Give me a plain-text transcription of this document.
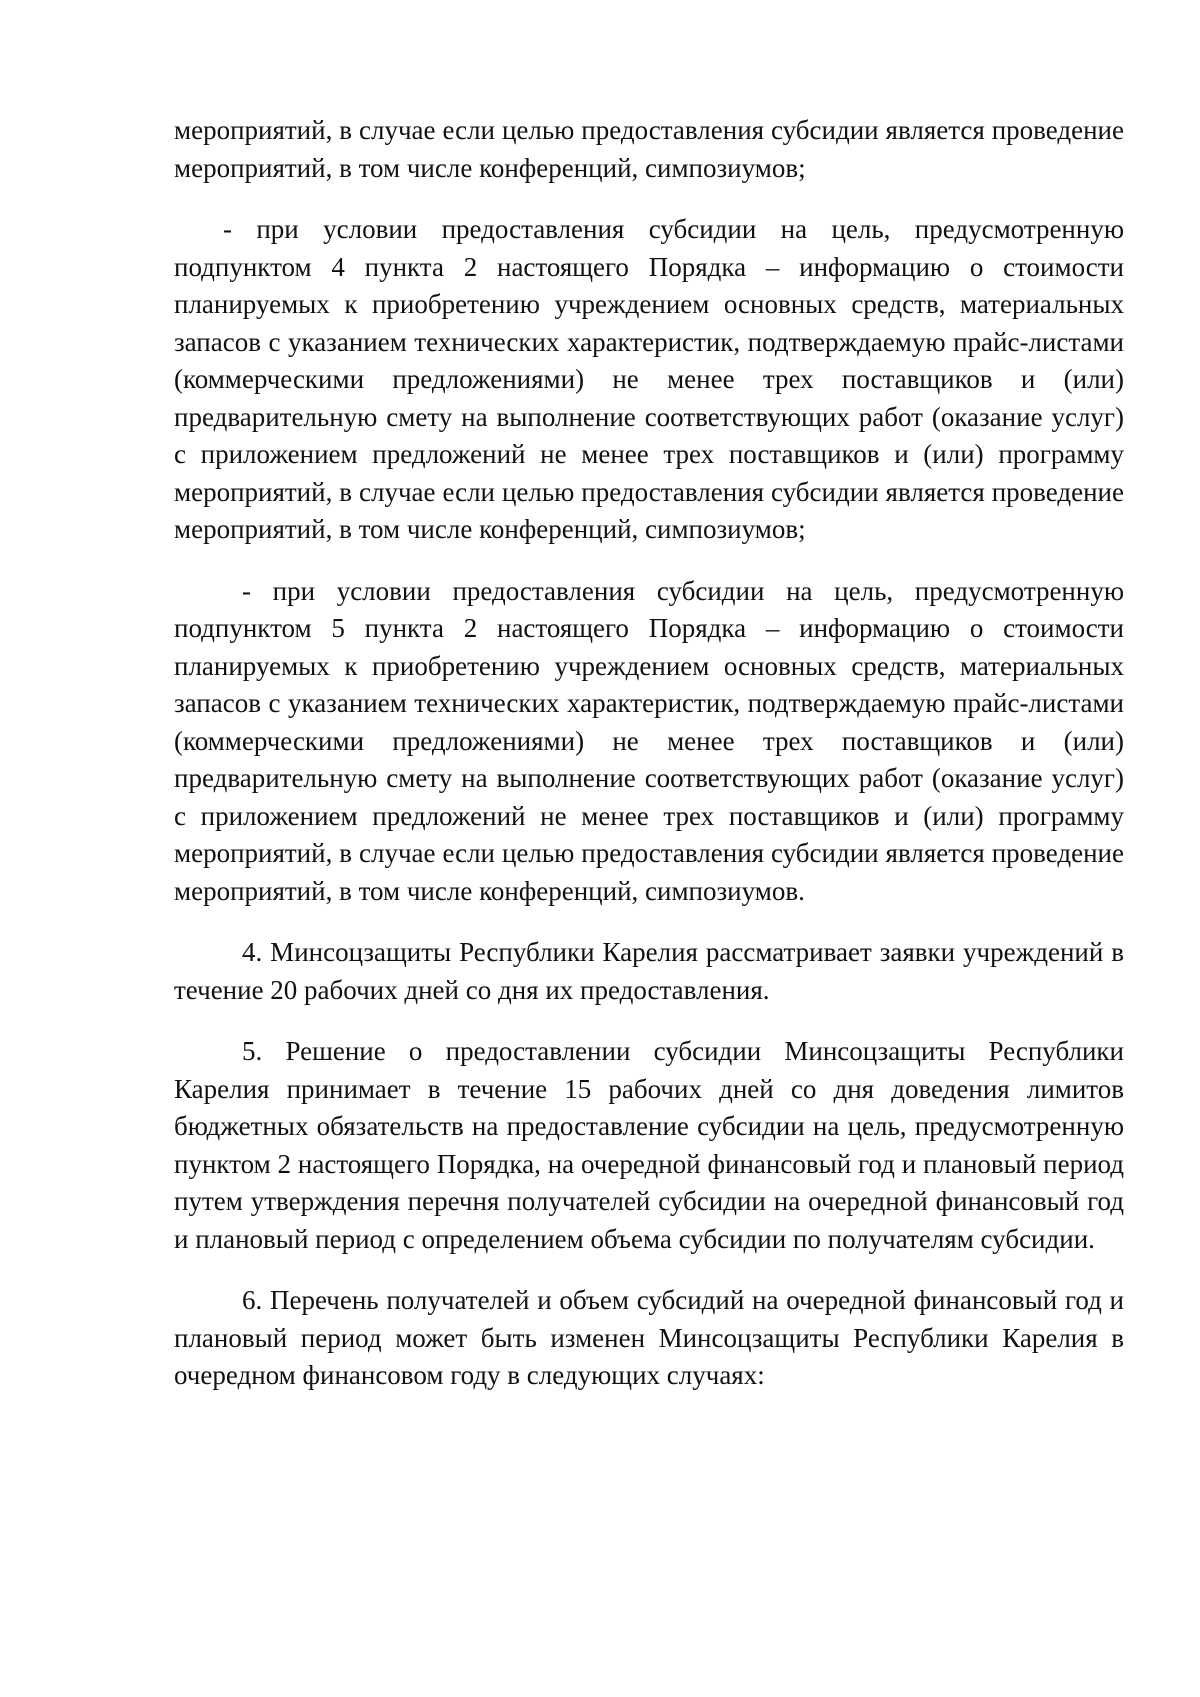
мероприятий, в случае если целью предоставления субсидии является проведение мероприятий, в том числе конференций, симпозиумов;

- при условии предоставления субсидии на цель, предусмотренную подпунктом 4 пункта 2 настоящего Порядка – информацию о стоимости планируемых к приобретению учреждением основных средств, материальных запасов с указанием технических характеристик, подтверждаемую прайс-листами (коммерческими предложениями) не менее трех поставщиков и (или) предварительную смету на выполнение соответствующих работ (оказание услуг) с приложением предложений не менее трех поставщиков и (или) программу мероприятий, в случае если целью предоставления субсидии является проведение мероприятий, в том числе конференций, симпозиумов;

- при условии предоставления субсидии на цель, предусмотренную подпунктом 5 пункта 2 настоящего Порядка – информацию о стоимости планируемых к приобретению учреждением основных средств, материальных запасов с указанием технических характеристик, подтверждаемую прайс-листами (коммерческими предложениями) не менее трех поставщиков и (или) предварительную смету на выполнение соответствующих работ (оказание услуг) с приложением предложений не менее трех поставщиков и (или) программу мероприятий, в случае если целью предоставления субсидии является проведение мероприятий, в том числе конференций, симпозиумов.

4. Минсоцзащиты Республики Карелия рассматривает заявки учреждений в течение 20 рабочих дней со дня их предоставления.

5. Решение о предоставлении субсидии Минсоцзащиты Республики Карелия принимает в течение 15 рабочих дней со дня доведения лимитов бюджетных обязательств на предоставление субсидии на цель, предусмотренную пунктом 2 настоящего Порядка, на очередной финансовый год и плановый период путем утверждения перечня получателей субсидии на очередной финансовый год и плановый период с определением объема субсидии по получателям субсидии.

6. Перечень получателей и объем субсидий на очередной финансовый год и плановый период может быть изменен Минсоцзащиты Республики Карелия в очередном финансовом году в следующих случаях:
